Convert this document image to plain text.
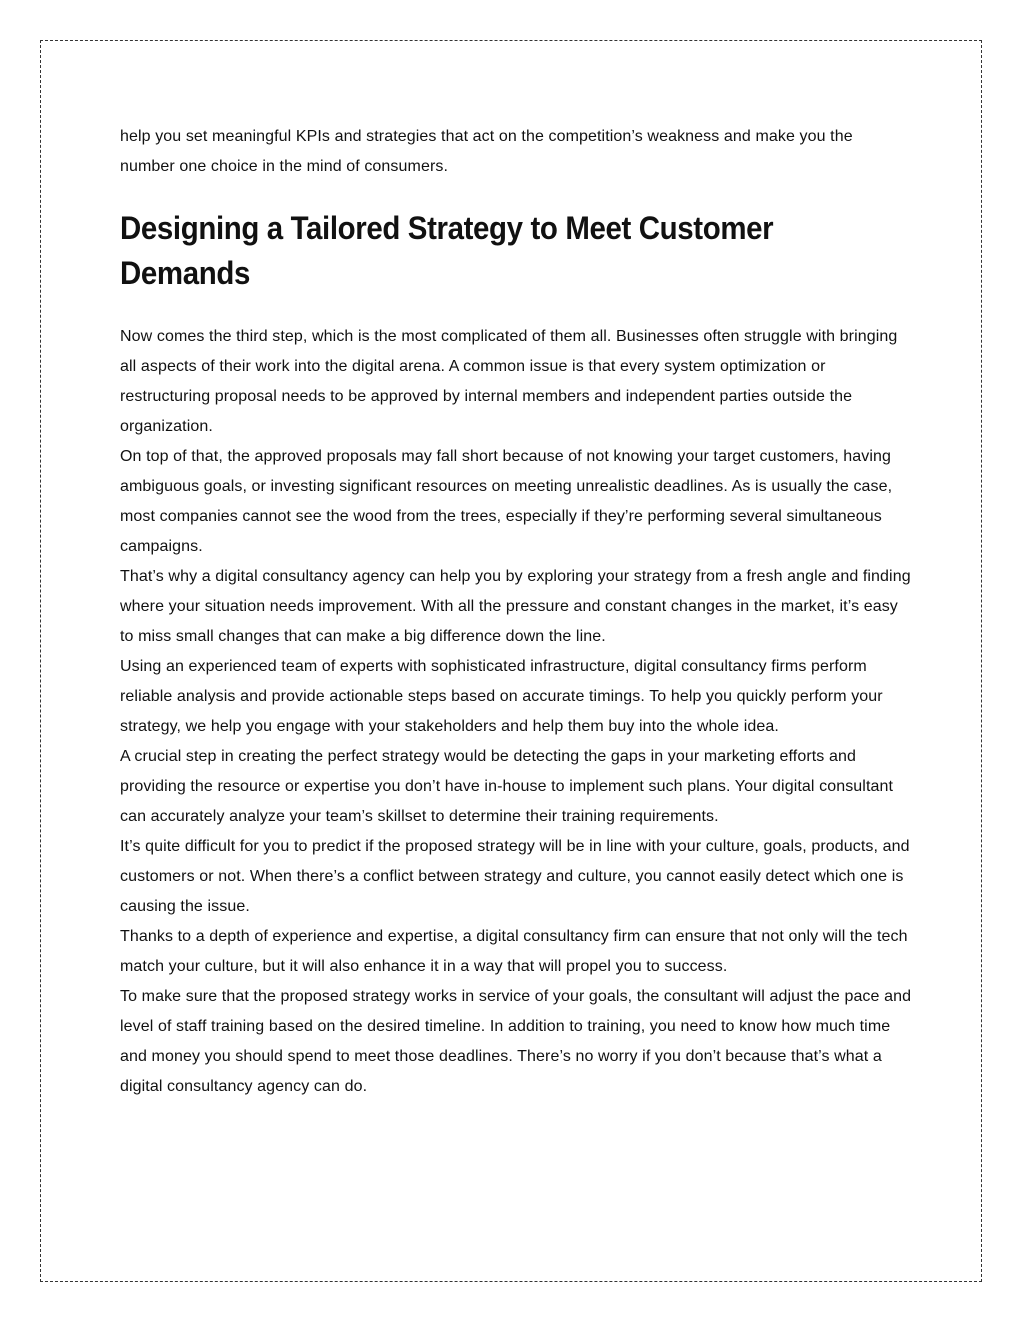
help you set meaningful KPIs and strategies that act on the competition’s weakness and make you the number one choice in the mind of consumers.

Designing a Tailored Strategy to Meet Customer Demands

Now comes the third step, which is the most complicated of them all. Businesses often struggle with bringing all aspects of their work into the digital arena. A common issue is that every system optimization or restructuring proposal needs to be approved by internal members and independent parties outside the organization.

On top of that, the approved proposals may fall short because of not knowing your target customers, having ambiguous goals, or investing significant resources on meeting unrealistic deadlines. As is usually the case, most companies cannot see the wood from the trees, especially if they’re performing several simultaneous campaigns.

That’s why a digital consultancy agency can help you by exploring your strategy from a fresh angle and finding where your situation needs improvement. With all the pressure and constant changes in the market, it’s easy to miss small changes that can make a big difference down the line.

Using an experienced team of experts with sophisticated infrastructure, digital consultancy firms perform reliable analysis and provide actionable steps based on accurate timings. To help you quickly perform your strategy, we help you engage with your stakeholders and help them buy into the whole idea.

A crucial step in creating the perfect strategy would be detecting the gaps in your marketing efforts and providing the resource or expertise you don’t have in-house to implement such plans. Your digital consultant can accurately analyze your team’s skillset to determine their training requirements.

It’s quite difficult for you to predict if the proposed strategy will be in line with your culture, goals, products, and customers or not. When there’s a conflict between strategy and culture, you cannot easily detect which one is causing the issue.

Thanks to a depth of experience and expertise, a digital consultancy firm can ensure that not only will the tech match your culture, but it will also enhance it in a way that will propel you to success.

To make sure that the proposed strategy works in service of your goals, the consultant will adjust the pace and level of staff training based on the desired timeline. In addition to training, you need to know how much time and money you should spend to meet those deadlines. There’s no worry if you don’t because that’s what a digital consultancy agency can do.
